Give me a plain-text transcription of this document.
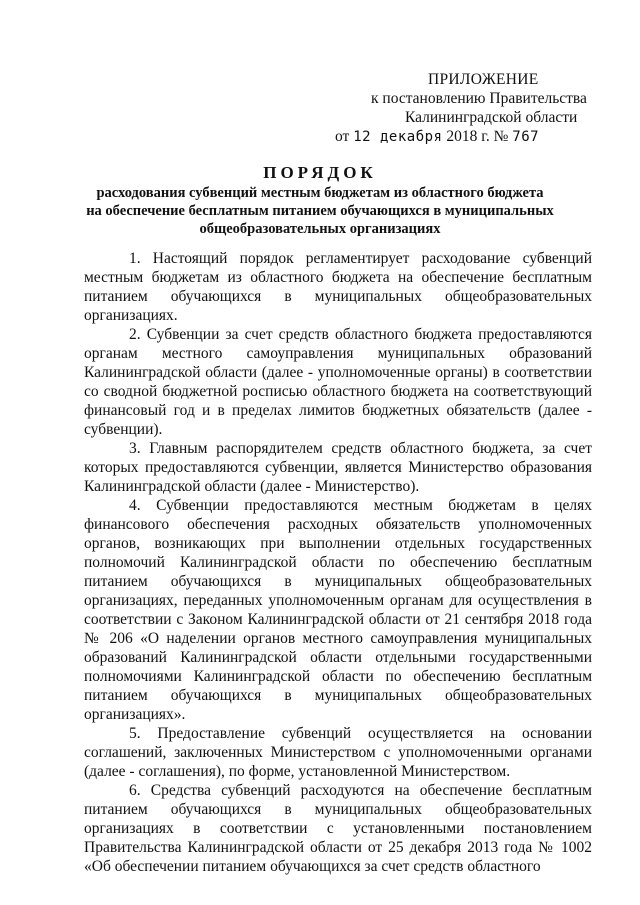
ПРИЛОЖЕНИЕ
к постановлению Правительства
Калининградской области
от 12 декабря 2018 г. № 767
ПОРЯДОК
расходования субвенций местным бюджетам из областного бюджета
на обеспечение бесплатным питанием обучающихся в муниципальных
общеобразовательных организациях

1. Настоящий порядок регламентирует расходование субвенций местным бюджетам из областного бюджета на обеспечение бесплатным питанием обучающихся в муниципальных общеобразовательных организациях.

2. Субвенции за счет средств областного бюджета предоставляются органам местного самоуправления муниципальных образований Калининградской области (далее - уполномоченные органы) в соответствии со сводной бюджетной росписью областного бюджета на соответствующий финансовый год и в пределах лимитов бюджетных обязательств (далее - субвенции).

3. Главным распорядителем средств областного бюджета, за счет которых предоставляются субвенции, является Министерство образования Калининградской области (далее - Министерство).

4. Субвенции предоставляются местным бюджетам в целях финансового обеспечения расходных обязательств уполномоченных органов, возникающих при выполнении отдельных государственных полномочий Калининградской области по обеспечению бесплатным питанием обучающихся в муниципальных общеобразовательных организациях, переданных уполномоченным органам для осуществления в соответствии с Законом Калининградской области от 21 сентября 2018 года № 206 «О наделении органов местного самоуправления муниципальных образований Калининградской области отдельными государственными полномочиями Калининградской области по обеспечению бесплатным питанием обучающихся в муниципальных общеобразовательных организациях».

5. Предоставление субвенций осуществляется на основании соглашений, заключенных Министерством с уполномоченными органами (далее - соглашения), по форме, установленной Министерством.

6. Средства субвенций расходуются на обеспечение бесплатным питанием обучающихся в муниципальных общеобразовательных организациях в соответствии с установленными постановлением Правительства Калининградской области от 25 декабря 2013 года № 1002 «Об обеспечении питанием обучающихся за счет средств областного
